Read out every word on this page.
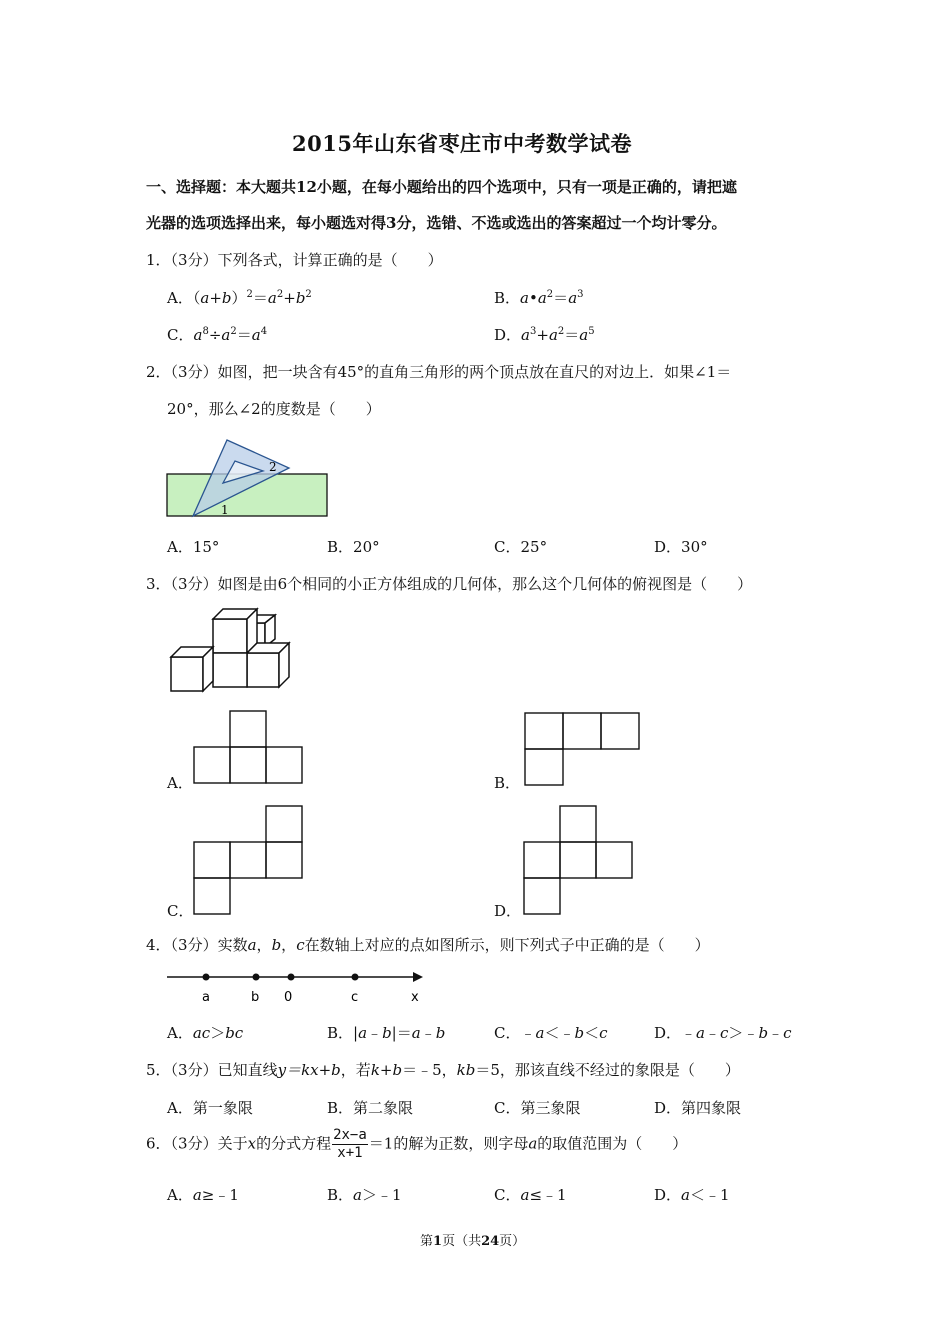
2015年山东省枣庄市中考数学试卷
一、选择题：本大题共12小题，在每小题给出的四个选项中，只有一项是正确的，请把遮
光器的选项选择出来，每小题选对得3分，选错、不选或选出的答案超过一个均计零分。
1．（3分）下列各式，计算正确的是（　　）
A．$(a+b)^2=a^2+b^2$	B．$a•a^2=a^3$
C．$a^8\div a^2=a^4$	D．$a^3+a^2=a^5$
2．（3分）如图，把一块含有45°的直角三角形的两个顶点放在直尺的对边上．如果∠1＝
20°，那么∠2的度数是（　　）
1
2
A．15°	B．20°	C．25°	D．30°
3．（3分）如图是由6个相同的小正方体组成的几何体，那么这个几何体的俯视图是（　　）
A．	B．
C．	D．
4．（3分）实数a，b，c在数轴上对应的点如图所示，则下列式子中正确的是（　　）
a	b 0	c	x
A．ac＞bc	B．|a﹣b|＝a﹣b	C．﹣a＜﹣b＜c	D．﹣a﹣c＞﹣b﹣c
5．（3分）已知直线y＝kx+b，若k+b＝﹣5，kb＝5，那该直线不经过的象限是（　　）
A．第一象限	B．第二象限	C．第三象限	D．第四象限
6．（3分）关于x的分式方程 $\frac{2x-a}{x+1} =1$的解为正数，则字母a的取值范围为（　　）
A．a≥﹣1	B．a＞﹣1	C．a≤﹣1	D．a＜﹣1
第1页（共24页）
